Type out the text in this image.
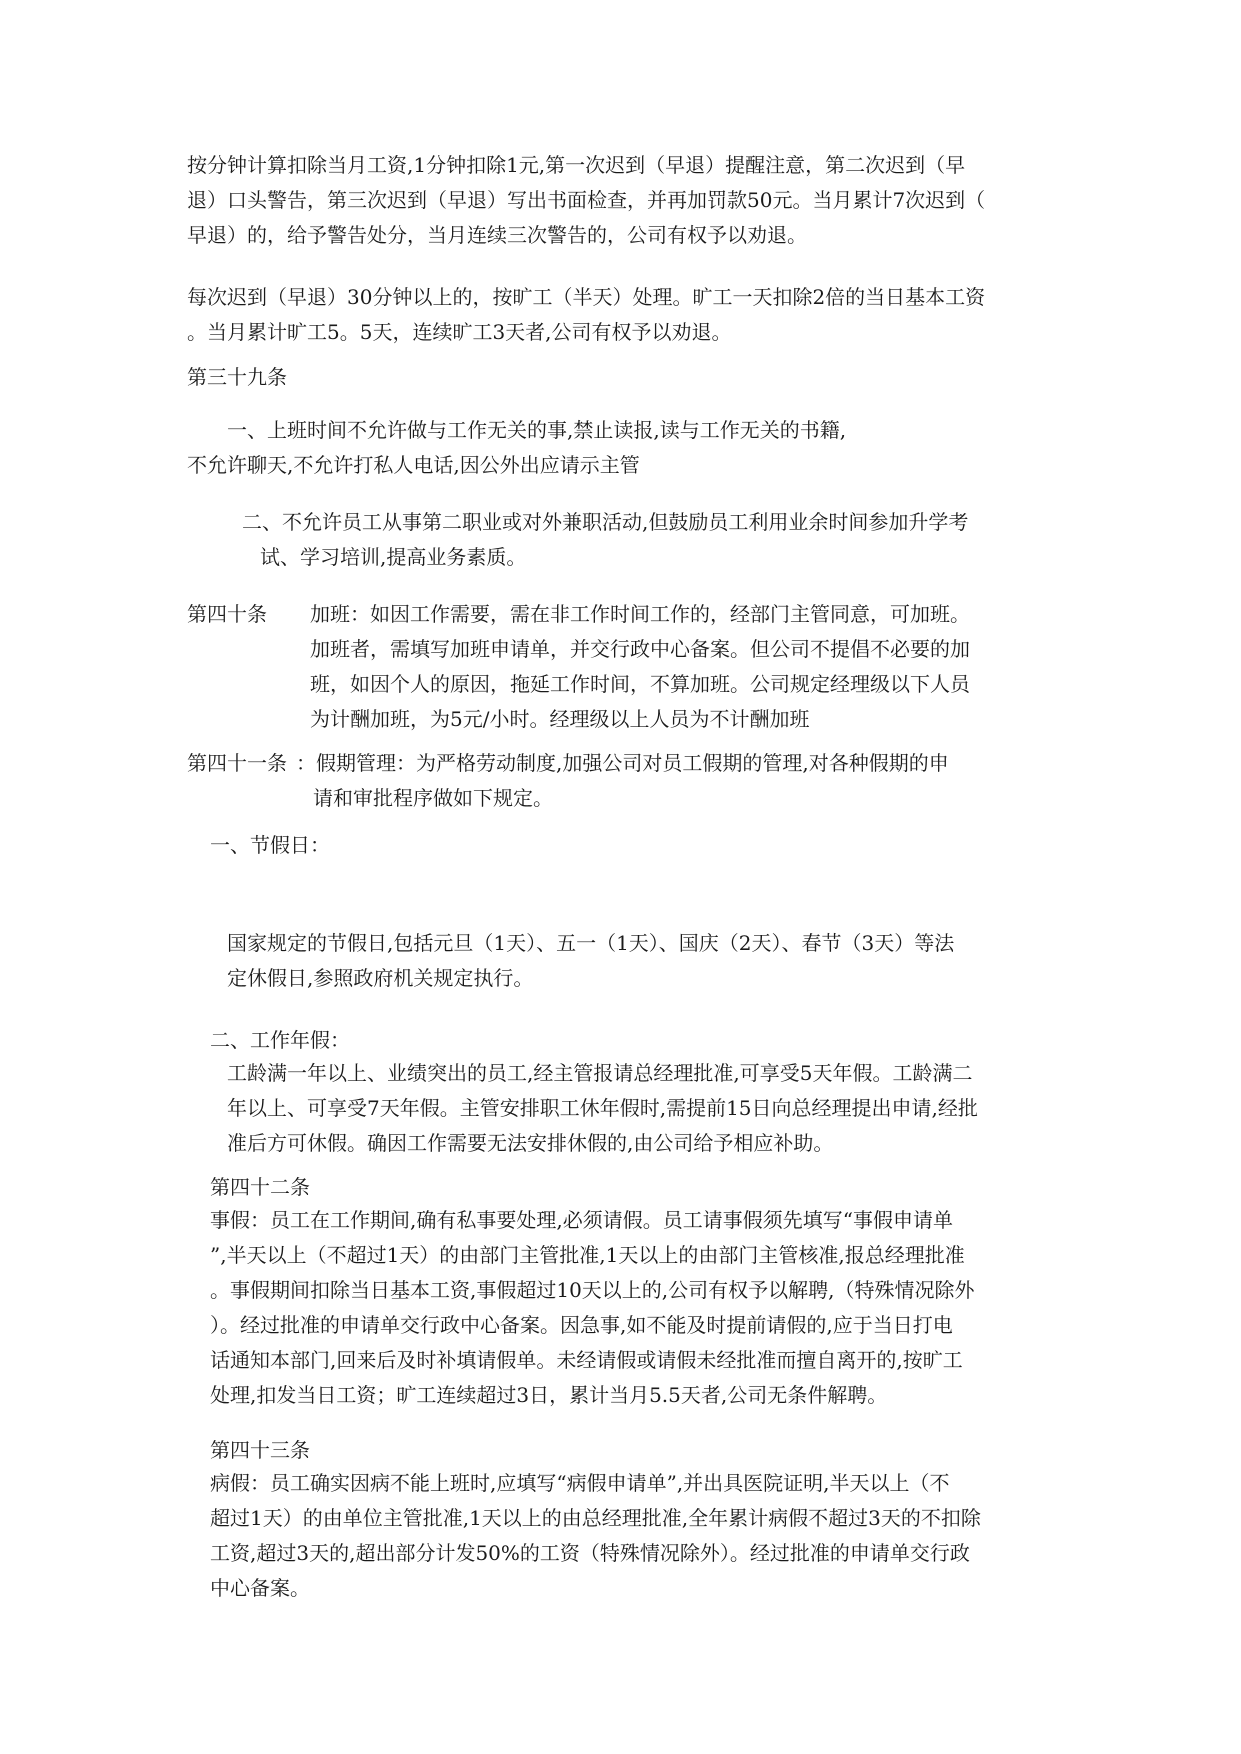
按分钟计算扣除当月工资,1分钟扣除1元,第一次迟到（早退）提醒注意，第二次迟到（早
退）口头警告，第三次迟到（早退）写出书面检查，并再加罚款50元。当月累计7次迟到（
早退）的，给予警告处分，当月连续三次警告的，公司有权予以劝退。
每次迟到（早退）30分钟以上的，按旷工（半天）处理。旷工一天扣除2倍的当日基本工资
。当月累计旷工5。5天，连续旷工3天者,公司有权予以劝退。
第三十九条
一、上班时间不允许做与工作无关的事,禁止读报,读与工作无关的书籍,
不允许聊天,不允许打私人电话,因公外出应请示主管
二、不允许员工从事第二职业或对外兼职活动,但鼓励员工利用业余时间参加升学考
试、学习培训,提高业务素质。
第四十条 加班：如因工作需要，需在非工作时间工作的，经部门主管同意，可加班。
加班者，需填写加班申请单，并交行政中心备案。但公司不提倡不必要的加
班，如因个人的原因，拖延工作时间，不算加班。公司规定经理级以下人员
为计酬加班，为5元/小时。经理级以上人员为不计酬加班
第四十一条 ：假期管理：为严格劳动制度,加强公司对员工假期的管理,对各种假期的申
请和审批程序做如下规定。
一、节假日：
国家规定的节假日,包括元旦（1天）、五一（1天）、国庆（2天）、春节（3天）等法
定休假日,参照政府机关规定执行。
二、工作年假：
工龄满一年以上、业绩突出的员工,经主管报请总经理批准,可享受5天年假。工龄满二
年以上、可享受7天年假。主管安排职工休年假时,需提前15日向总经理提出申请,经批
准后方可休假。确因工作需要无法安排休假的,由公司给予相应补助。
第四十二条
事假：员工在工作期间,确有私事要处理,必须请假。员工请事假须先填写“事假申请单
”,半天以上（不超过1天）的由部门主管批准,1天以上的由部门主管核准,报总经理批准
。事假期间扣除当日基本工资,事假超过10天以上的,公司有权予以解聘,（特殊情况除外
）。经过批准的申请单交行政中心备案。因急事,如不能及时提前请假的,应于当日打电
话通知本部门,回来后及时补填请假单。未经请假或请假未经批准而擅自离开的,按旷工
处理,扣发当日工资；旷工连续超过3日，累计当月5.5天者,公司无条件解聘。
第四十三条
病假：员工确实因病不能上班时,应填写“病假申请单”,并出具医院证明,半天以上（不
超过1天）的由单位主管批准,1天以上的由总经理批准,全年累计病假不超过3天的不扣除
工资,超过3天的,超出部分计发50%的工资（特殊情况除外）。经过批准的申请单交行政
中心备案。
